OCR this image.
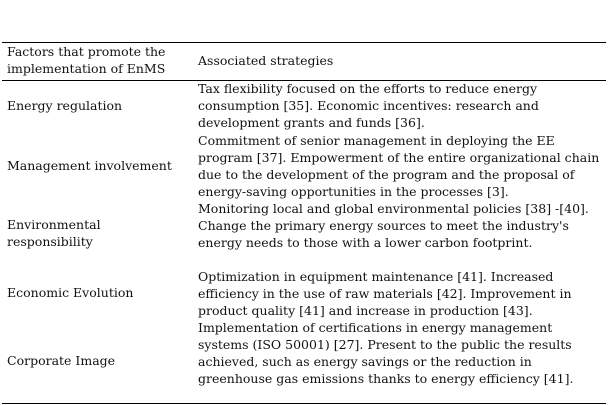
Factors that promote the implementation of EnMS
Associated strategies
Energy regulation
Tax flexibility focused on the efforts to reduce energy consumption [35]. Economic incentives: research and development grants and funds [36].
Management involvement
Commitment of senior management in deploying the EE program [37]. Empowerment of the entire organizational chain due to the development of the program and the proposal of energy-saving opportunities in the processes [3].
Environmental responsibility
Monitoring local and global environmental policies [38] -[40]. Change the primary energy sources to meet the industry's energy needs to those with a lower carbon footprint.
Economic Evolution
Optimization in equipment maintenance [41]. Increased efficiency in the use of raw materials [42]. Improvement in product quality [41] and increase in production [43].
Corporate Image
Implementation of certifications in energy management systems (ISO 50001) [27]. Present to the public the results achieved, such as energy savings or the reduction in greenhouse gas emissions thanks to energy efficiency [41].
